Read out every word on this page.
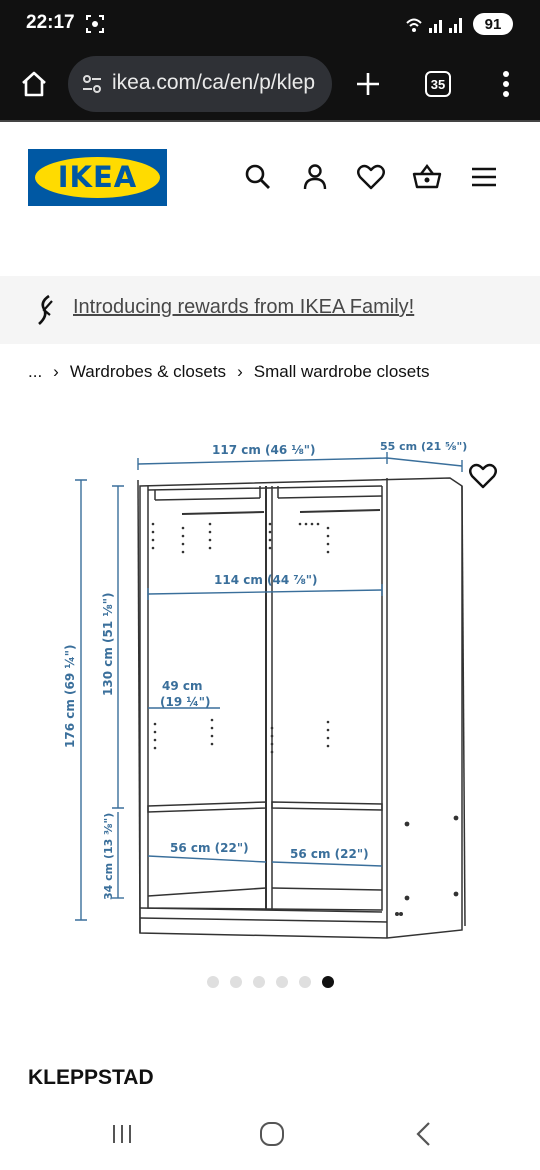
22:17	91
ikea.com/ca/en/p/klep	35
IKEA
Introducing rewards from IKEA Family!
... › Wardrobes & closets › Small wardrobe closets
117 cm (46 ⅛")	55 cm (21 ⅝")
114 cm (44 ⅞")
176 cm (69 ¼")
130 cm (51 ⅛")
34 cm (13 ⅜")
49 cm
(19 ¼")
56 cm (22")	56 cm (22")
KLEPPSTAD
